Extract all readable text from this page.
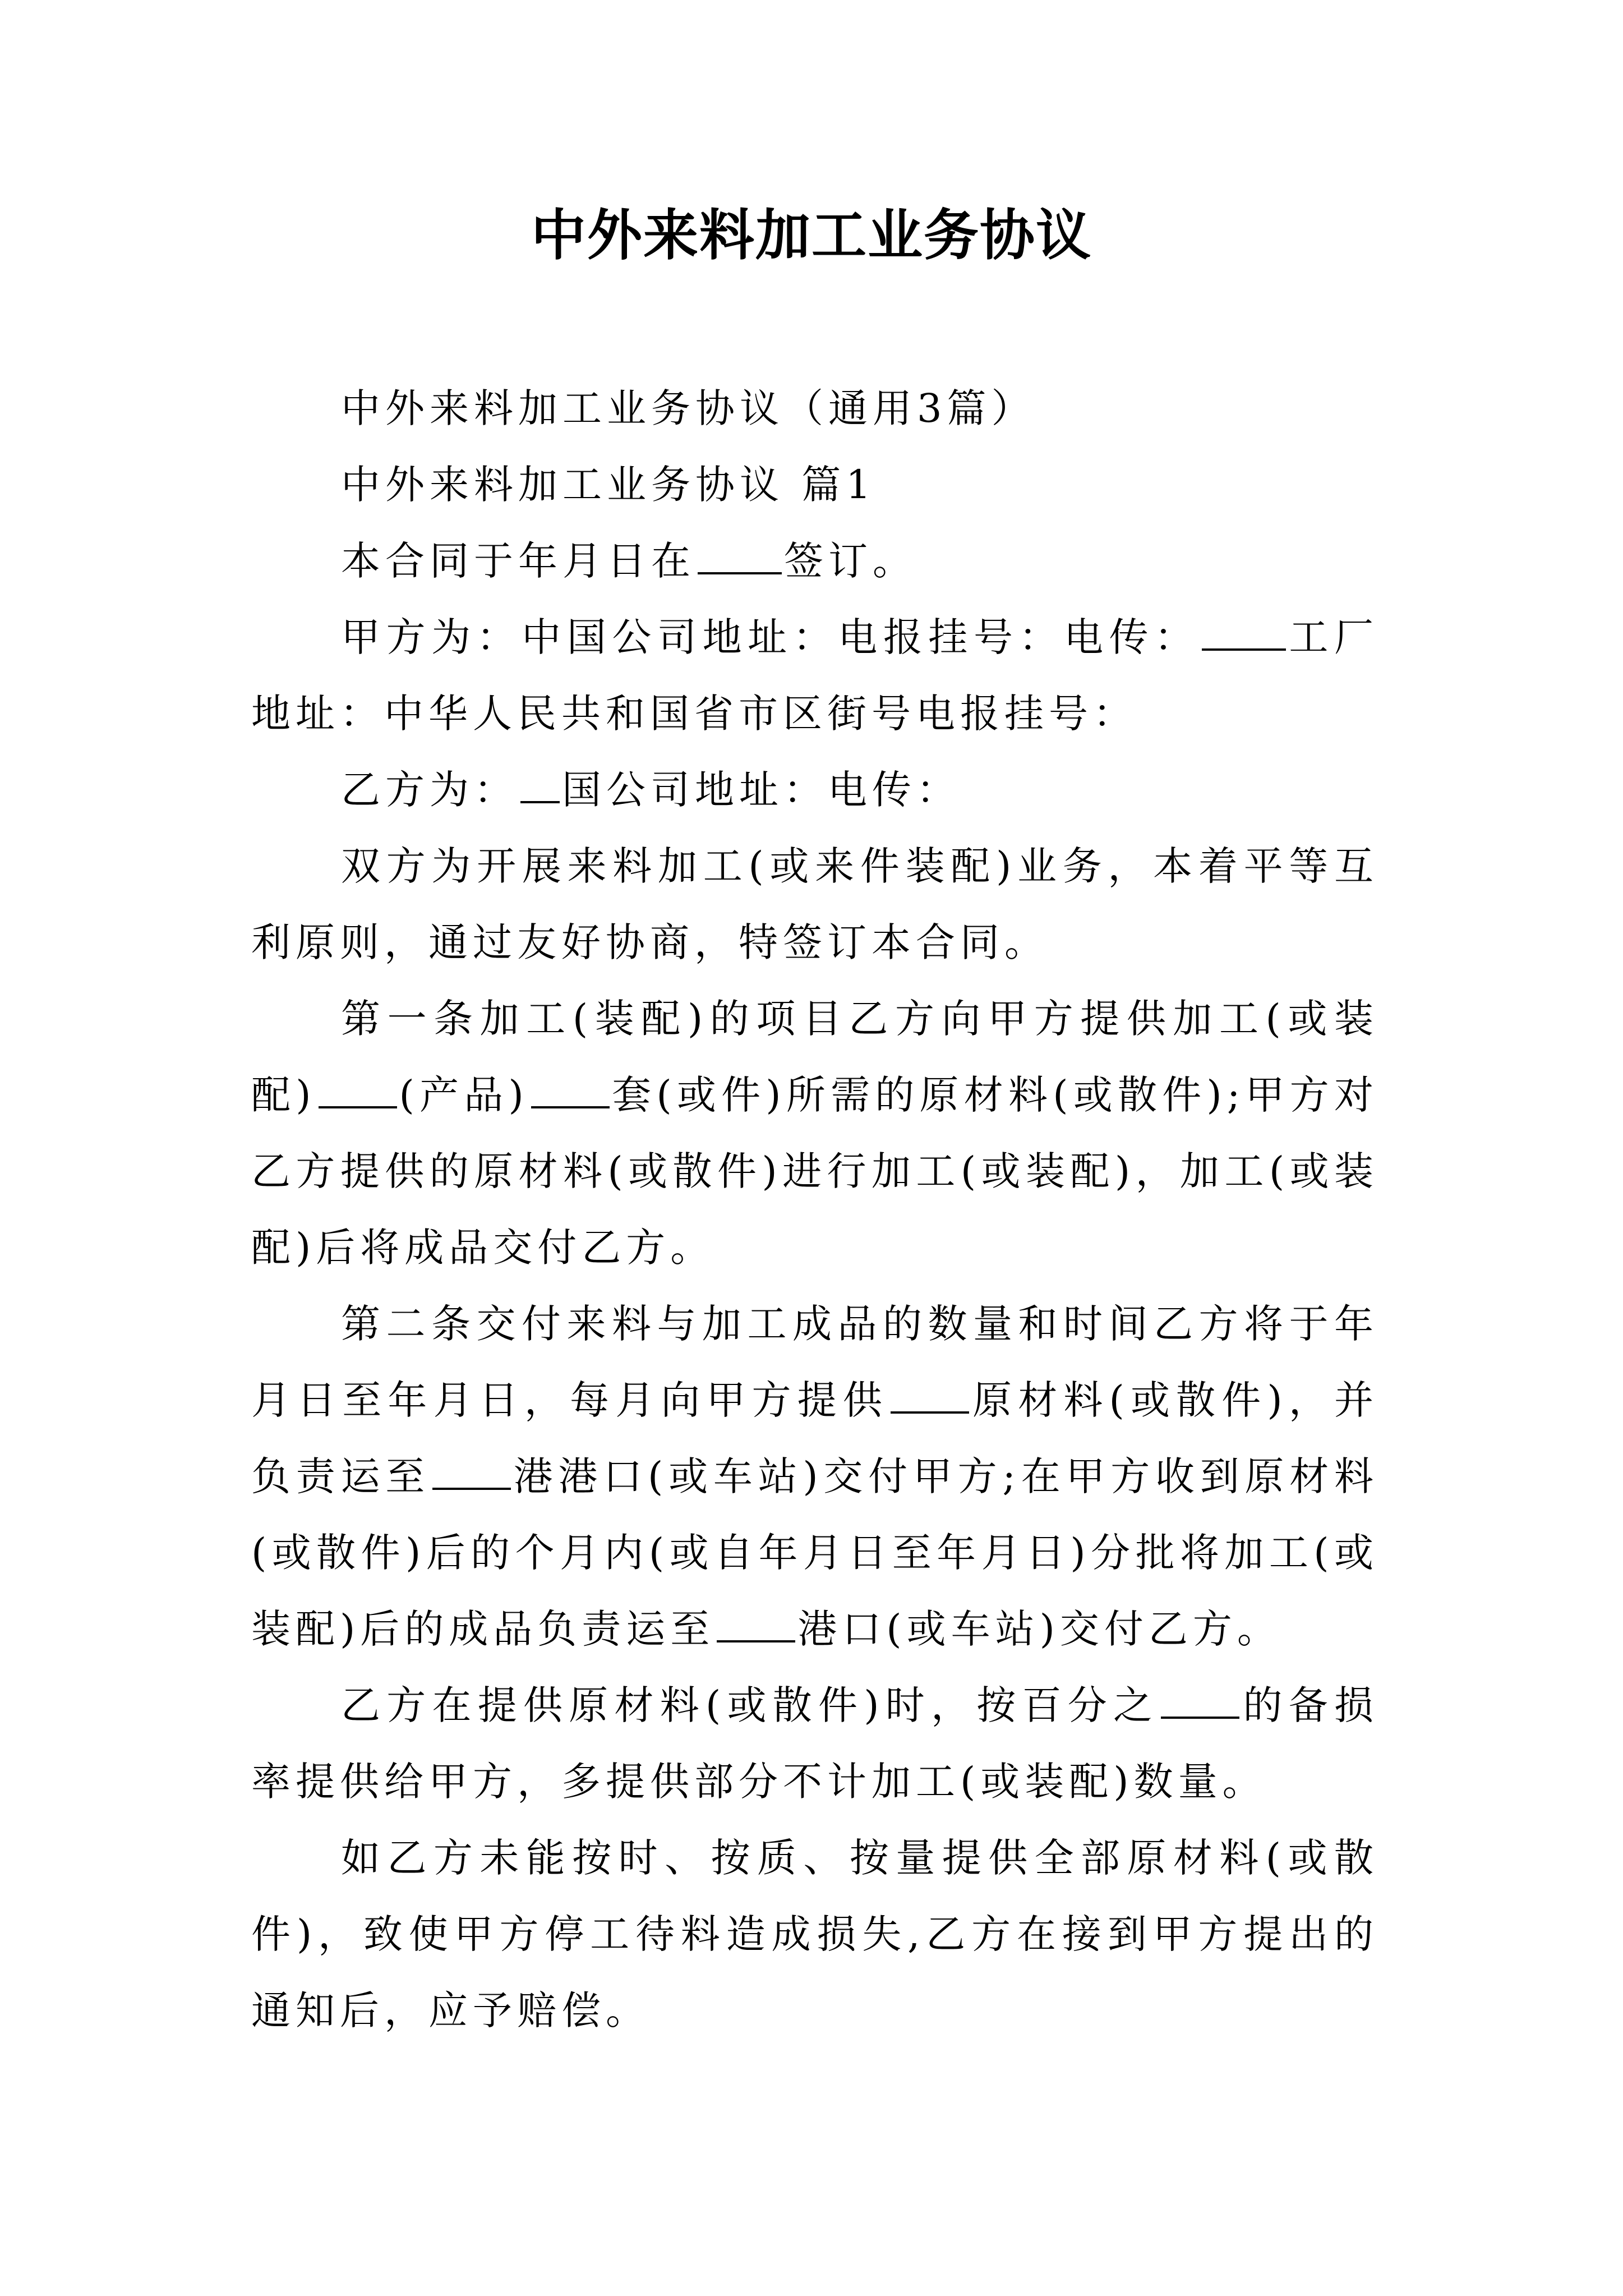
中外来料加工业务协议

中外来料加工业务协议（通用3篇）

中外来料加工业务协议 篇1

本合同于年月日在 签订。

甲方为：中国公司地址：电报挂号：电传： 工厂地址：中华人民共和国省市区街号电报挂号：

乙方为： 国公司地址：电传：

双方为开展来料加工(或来件装配)业务，本着平等互利原则，通过友好协商，特签订本合同。

第一条加工(装配)的项目乙方向甲方提供加工(或装配) (产品) 套(或件)所需的原材料(或散件);甲方对乙方提供的原材料(或散件)进行加工(或装配)，加工(或装配)后将成品交付乙方。

第二条交付来料与加工成品的数量和时间乙方将于年月日至年月日，每月向甲方提供 原材料(或散件)，并负责运至 港港口(或车站)交付甲方;在甲方收到原材料(或散件)后的个月内(或自年月日至年月日)分批将加工(或装配)后的成品负责运至 港口(或车站)交付乙方。

乙方在提供原材料(或散件)时，按百分之 的备损率提供给甲方，多提供部分不计加工(或装配)数量。

如乙方未能按时、按质、按量提供全部原材料(或散件)，致使甲方停工待料造成损失,乙方在接到甲方提出的通知后，应予赔偿。
